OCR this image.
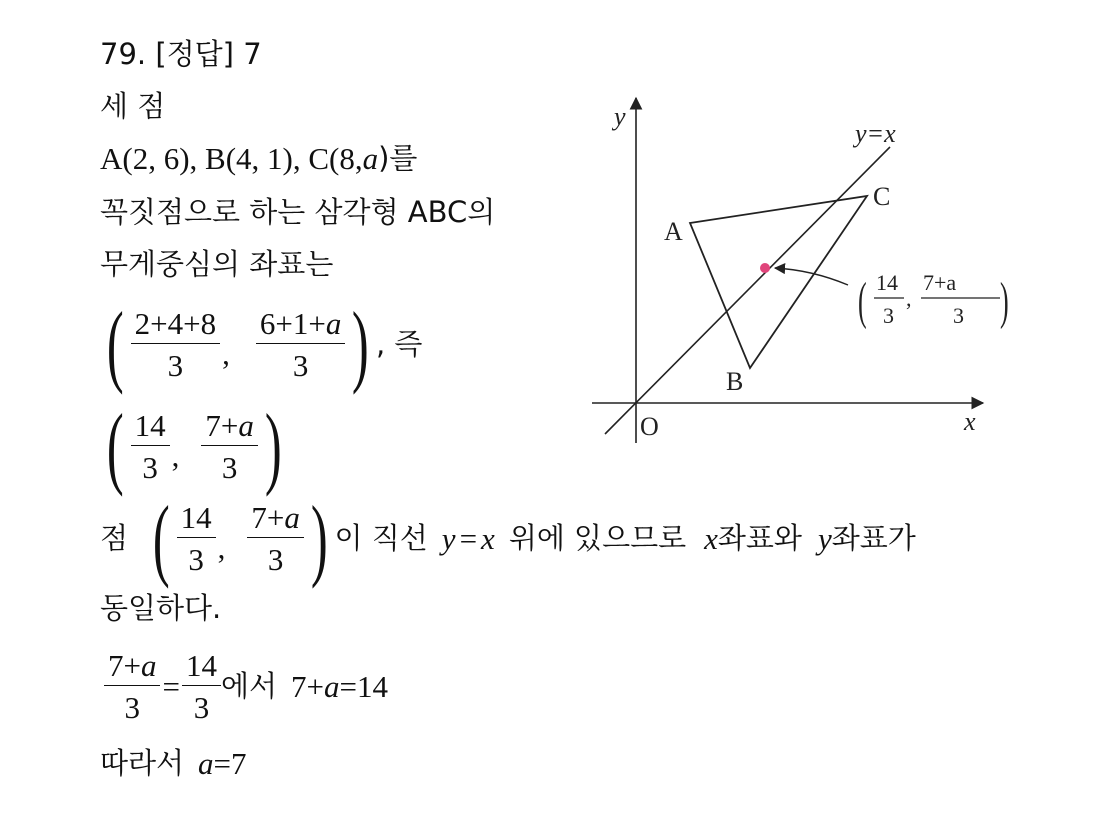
79. [정답] 7
세 점
A(2, 6), B(4, 1), C(8, a )를
꼭짓점으로 하는 삼각형 ABC의
무게중심의 좌표는
( $\frac{2+4+8}{3}$ , $\frac{6+1+a}{3}$ ) , 즉
( $\frac{14}{3}$ , $\frac{7+a}{3}$ )
점 ( $\frac{14}{3}$ , $\frac{7+a}{3}$ ) 이 직선 y = x 위에 있으므로 x 좌표와 y 좌표가
동일하다.
$\frac{7+a}{3} = \frac{14}{3}$ 에서 7+a=14
따라서 a=7
y
x
O
y=x
A
B
C
( 14
3
,
7+a
3 )
